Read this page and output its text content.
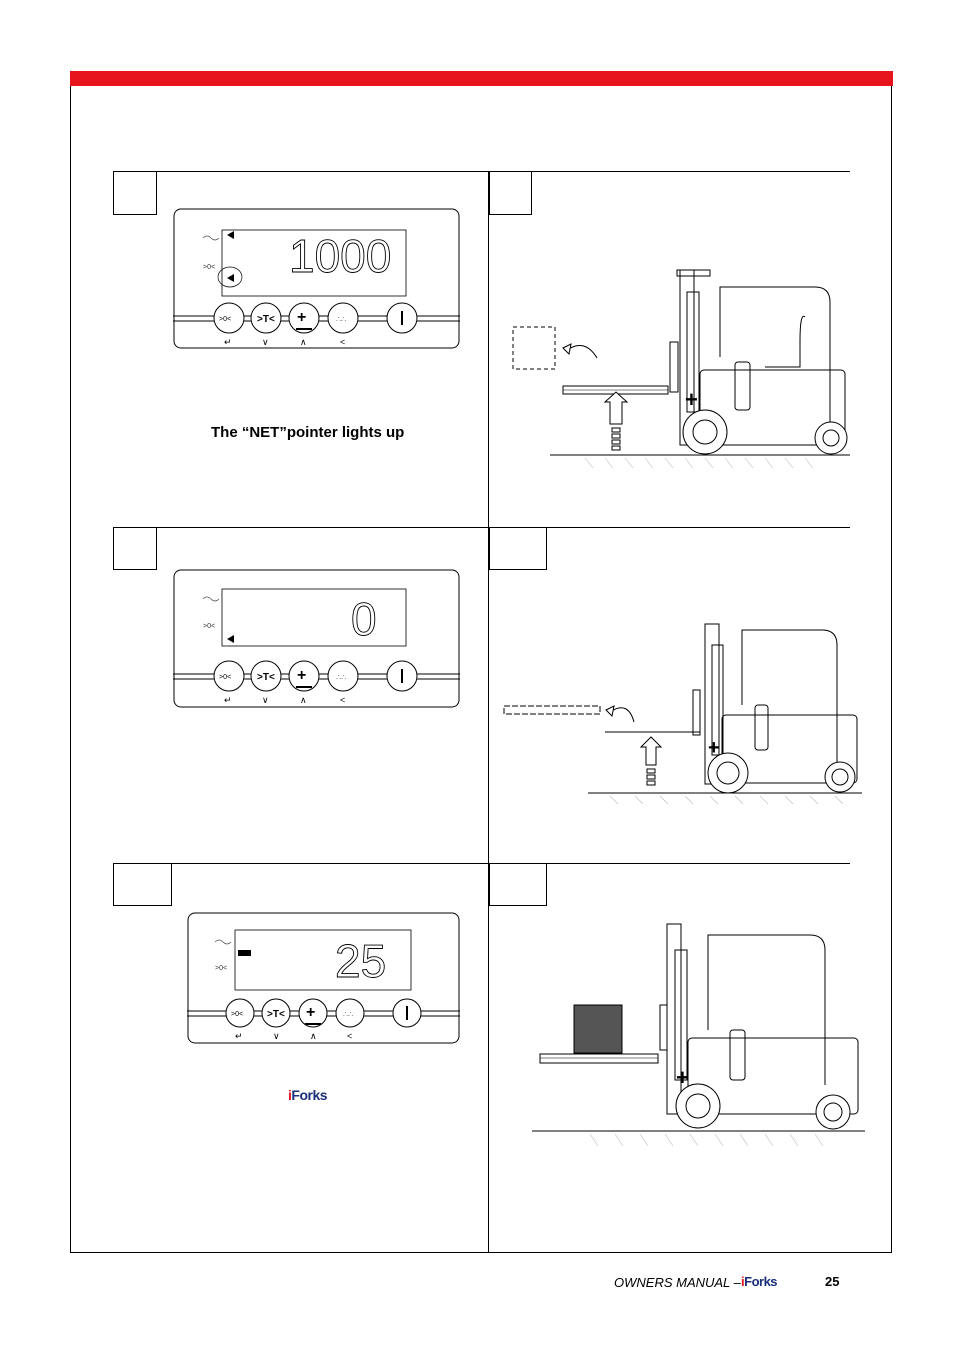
>0< 1000
>0<	>T< +	∴∴
↵	∨	∧	<
>0<	0
>0<	>T< +	∴∴
↵	∨	∧	<
>0< 25
>0< >T< +	∴∴
↵	∨	∧	<
The “NET”pointer lights up
iForks
+
+
+
OWNERS MANUAL – iForks	25
